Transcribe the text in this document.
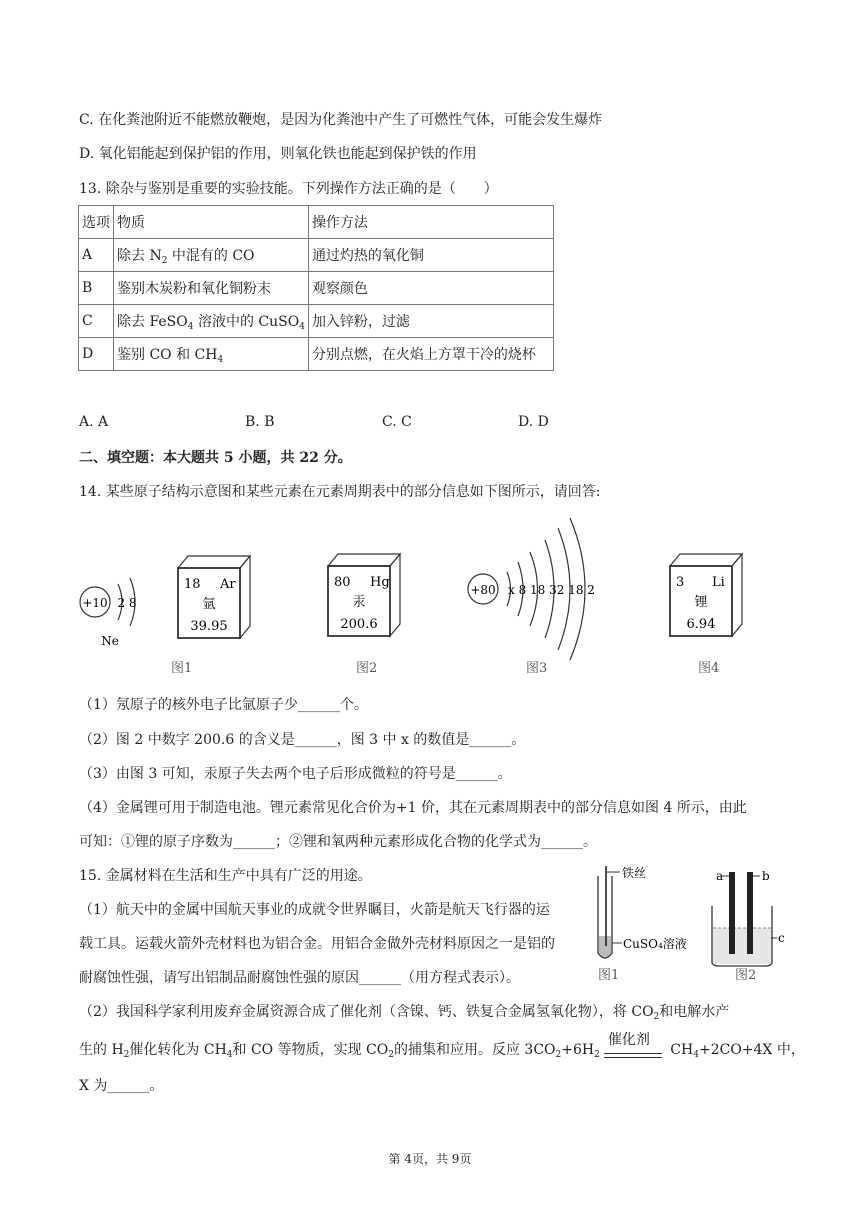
C. 在化粪池附近不能燃放鞭炮，是因为化粪池中产生了可燃性气体，可能会发生爆炸
D. 氧化铝能起到保护铝的作用，则氧化铁也能起到保护铁的作用
13. 除杂与鉴别是重要的实验技能。下列操作方法正确的是（　　）
选项	物质	操作方法
A	除去 $N_2$ 中混有的 CO	通过灼热的氧化铜
B	鉴别木炭粉和氧化铜粉末	观察颜色
C	除去 FeSO$_4$ 溶液中的 CuSO$_4$	加入锌粉，过滤
D	鉴别 CO 和 $CH_4$	分别点燃，在火焰上方罩干冷的烧杯
A. A	B. B	C. C	D. D
二、填空题：本大题共 5 小题，共 22 分。
14. 某些原子结构示意图和某些元素在元素周期表中的部分信息如下图所示，请回答:
+10 2 8
Ne
18 Ar
氩
39.95
图1
80 Hg
汞
200.6
图2
+80 x 8 18 32 18 2
图3
3 Li
锂
6.94
图4
（1）氖原子的核外电子比氩原子少______个。
（2）图 2 中数字 200.6 的含义是______，图 3 中 x 的数值是______。
（3）由图 3 可知，汞原子失去两个电子后形成微粒的符号是______。
（4）金属锂可用于制造电池。锂元素常见化合价为+1 价，其在元素周期表中的部分信息如图 4 所示，由此
可知：①锂的原子序数为______；②锂和氧两种元素形成化合物的化学式为______。
15. 金属材料在生活和生产中具有广泛的用途。
（1）航天中的金属中国航天事业的成就令世界瞩目，火箭是航天飞行器的运
载工具。运载火箭外壳材料也为铝合金。用铝合金做外壳材料原因之一是铝的
耐腐蚀性强，请写出铝制品耐腐蚀性强的原因______（用方程式表示）。
铁丝
CuSO₄溶液
图1
a	b
c
图2
（2）我国科学家利用废弃金属资源合成了催化剂（含镍、钙、铁复合金属氢氧化物），将 $CO_2$和电解水产
生的 $H_2$催化转化为 $CH_4$和 CO 等物质，实现 $CO_2$的捕集和应用。反应 $3CO_2+6H_2$
催化剂
$CH_4+2CO+4X$ 中，
X 为______。
第 4页，共 9页
